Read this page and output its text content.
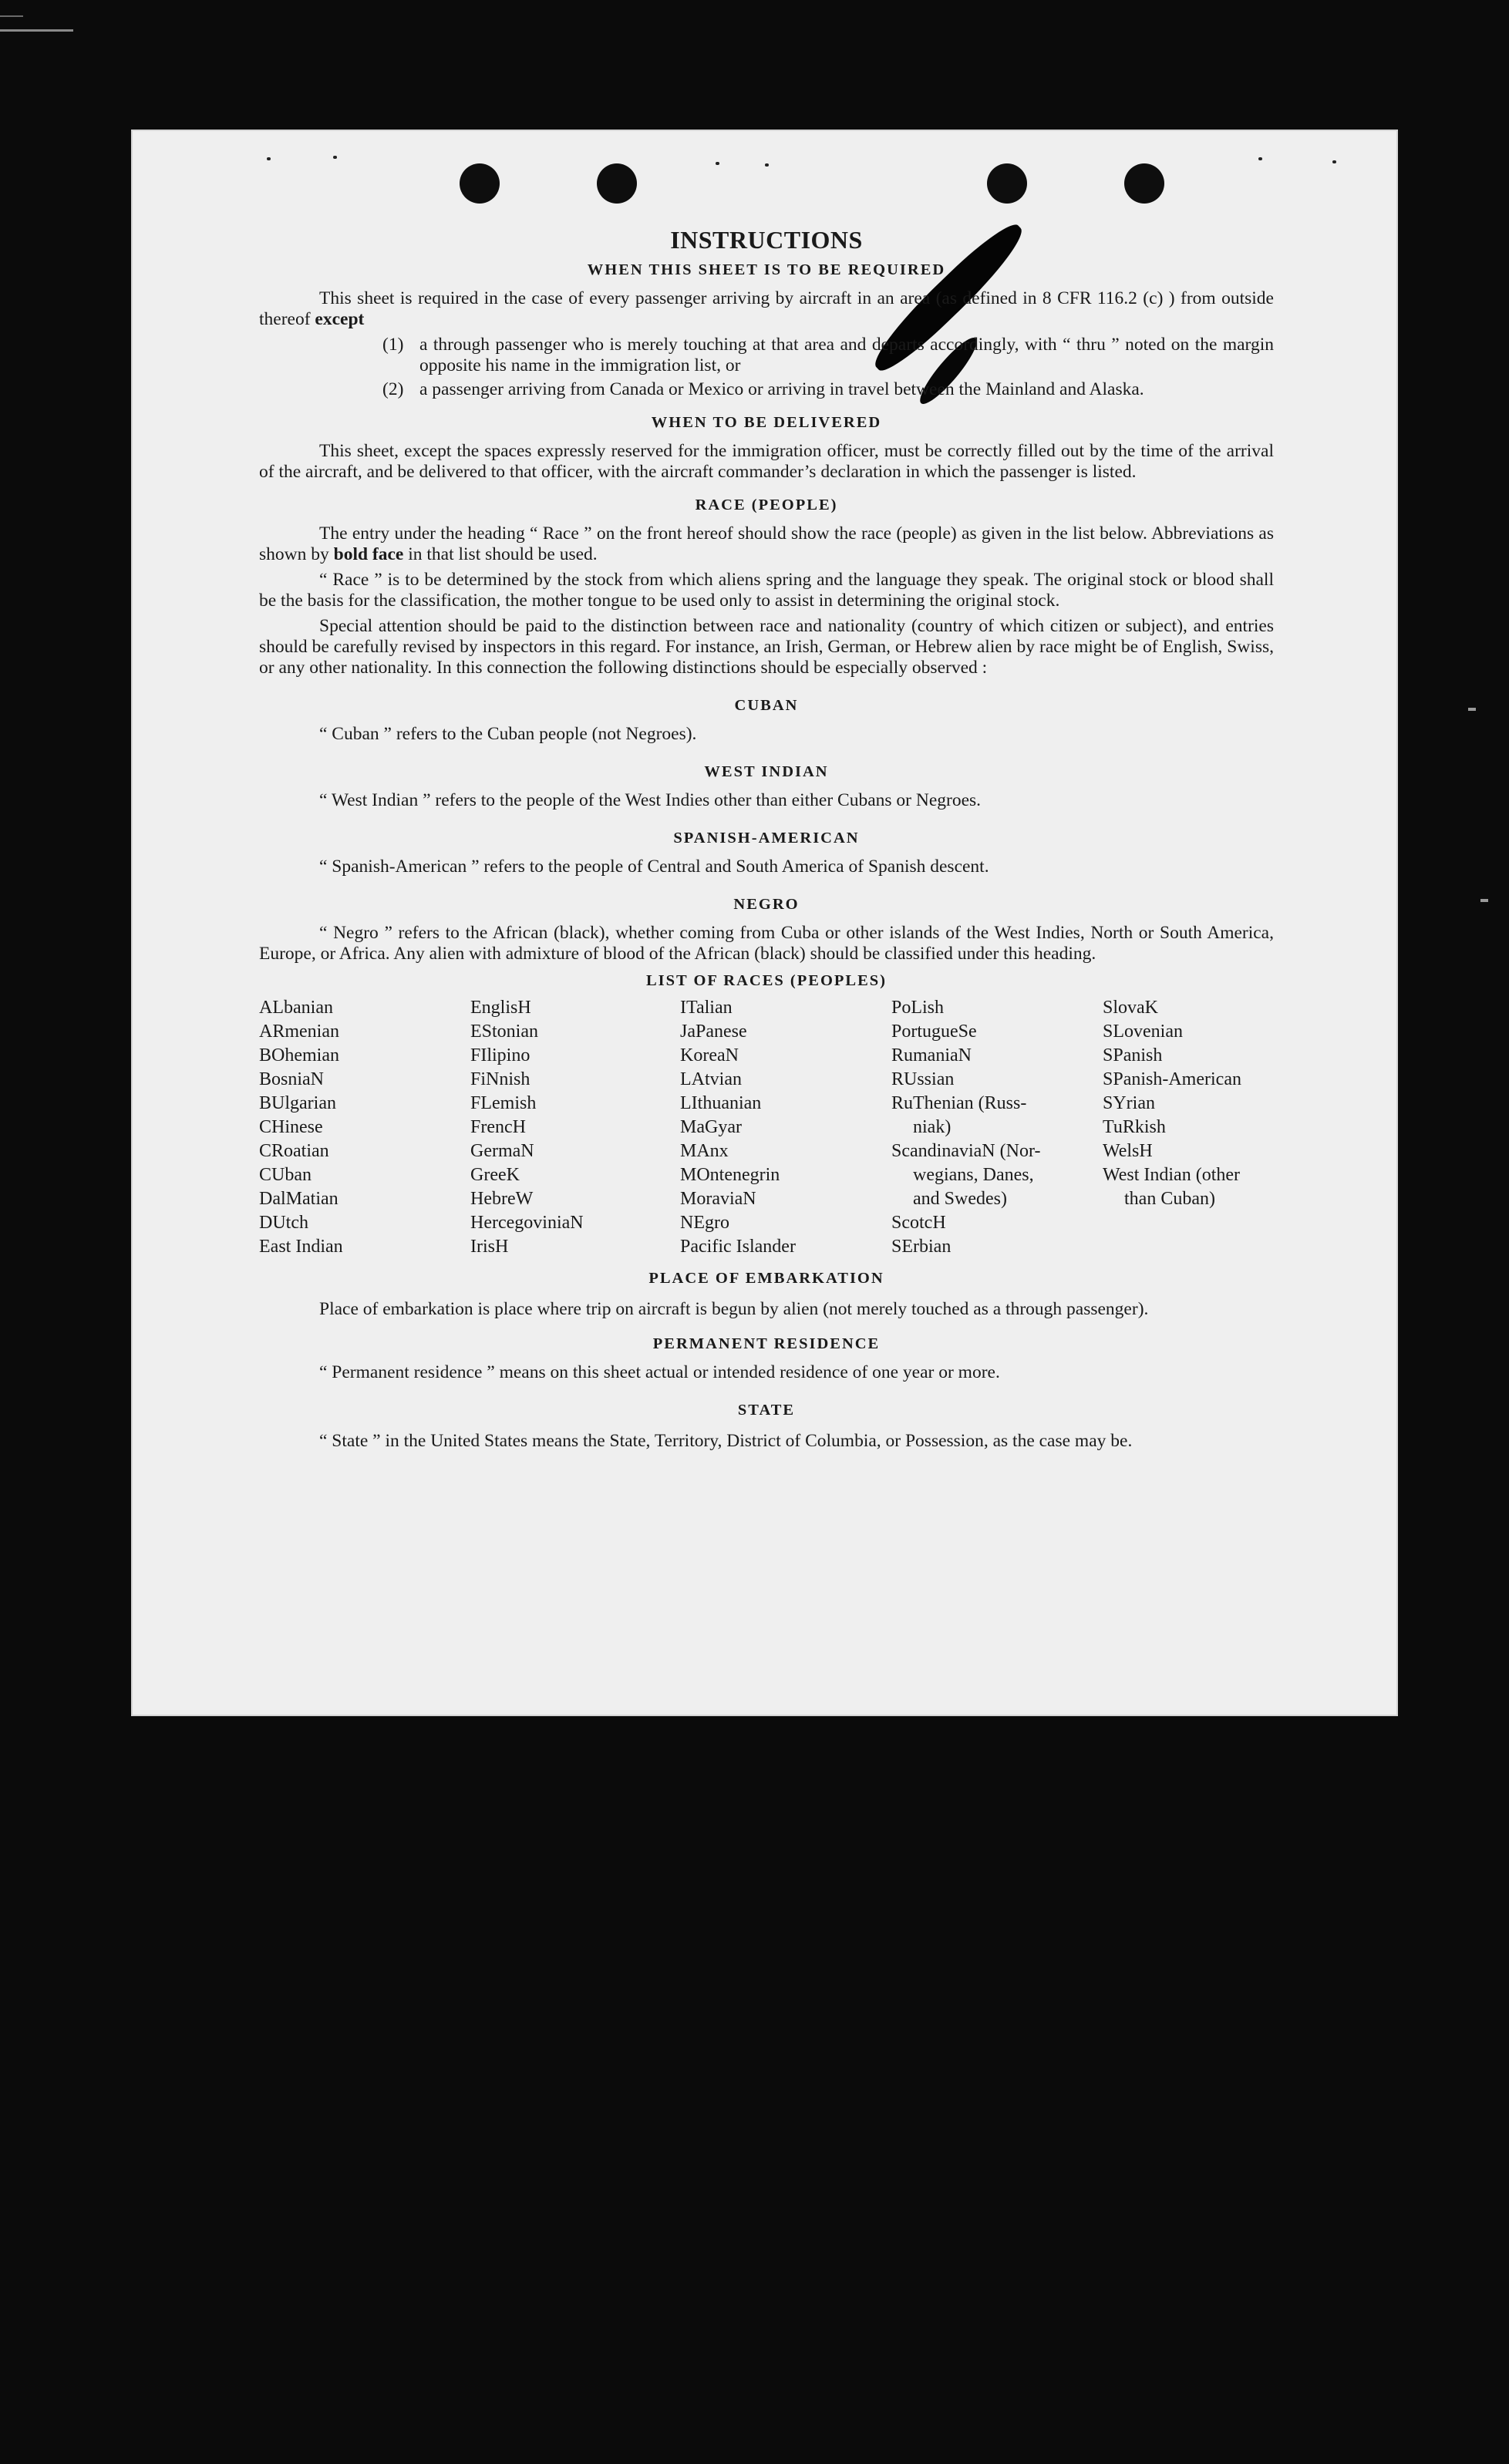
INSTRUCTIONS
WHEN THIS SHEET IS TO BE REQUIRED

This sheet is required in the case of every passenger arriving by aircraft in an area (as defined in 8 CFR 116.2 (c) ) from outside thereof except

(1) a through passenger who is merely touching at that area and departs accordingly, with “ thru ” noted on the margin opposite his name in the immigration list, or
(2) a passenger arriving from Canada or Mexico or arriving in travel between the Mainland and Alaska.
WHEN TO BE DELIVERED

This sheet, except the spaces expressly reserved for the immigration officer, must be correctly filled out by the time of the arrival of the aircraft, and be delivered to that officer, with the aircraft commander’s declaration in which the passenger is listed.

RACE (PEOPLE)

The entry under the heading “ Race ” on the front hereof should show the race (people) as given in the list below. Abbreviations as shown by bold face in that list should be used.

“ Race ” is to be determined by the stock from which aliens spring and the language they speak. The original stock or blood shall be the basis for the classification, the mother tongue to be used only to assist in determining the original stock.

Special attention should be paid to the distinction between race and nationality (country of which citizen or subject), and entries should be carefully revised by inspectors in this regard. For instance, an Irish, German, or Hebrew alien by race might be of English, Swiss, or any other nationality. In this connection the following distinctions should be especially observed :

CUBAN

“ Cuban ” refers to the Cuban people (not Negroes).

WEST INDIAN

“ West Indian ” refers to the people of the West Indies other than either Cubans or Negroes.

SPANISH-AMERICAN

“ Spanish-American ” refers to the people of Central and South America of Spanish descent.

NEGRO

“ Negro ” refers to the African (black), whether coming from Cuba or other islands of the West Indies, North or South America, Europe, or Africa. Any alien with admixture of blood of the African (black) should be classified under this heading.

LIST OF RACES (PEOPLES)
ALbanian
ARmenian
BOhemian
BosniaN
BUlgarian
CHinese
CRoatian
CUban
DalMatian
DUtch
East Indian
EnglisH
EStonian
FIlipino
FiNnish
FLemish
FrencH
GermaN
GreeK
HebreW
HercegoviniaN
IrisH
ITalian
JaPanese
KoreaN
LAtvian
LIthuanian
MaGyar
MAnx
MOntenegrin
MoraviaN
NEgro
Pacific Islander
PoLish
PortugueSe
RumaniaN
RUssian
RuThenian (Russ-
niak)
ScandinaviaN (Nor-
wegians, Danes,
and Swedes)
ScotcH
SErbian
SlovaK
SLovenian
SPanish
SPanish-American
SYrian
TuRkish
WelsH
West Indian (other
than Cuban)
PLACE OF EMBARKATION

Place of embarkation is place where trip on aircraft is begun by alien (not merely touched as a through passenger).

PERMANENT RESIDENCE

“ Permanent residence ” means on this sheet actual or intended residence of one year or more.

STATE

“ State ” in the United States means the State, Territory, District of Columbia, or Possession, as the case may be.
